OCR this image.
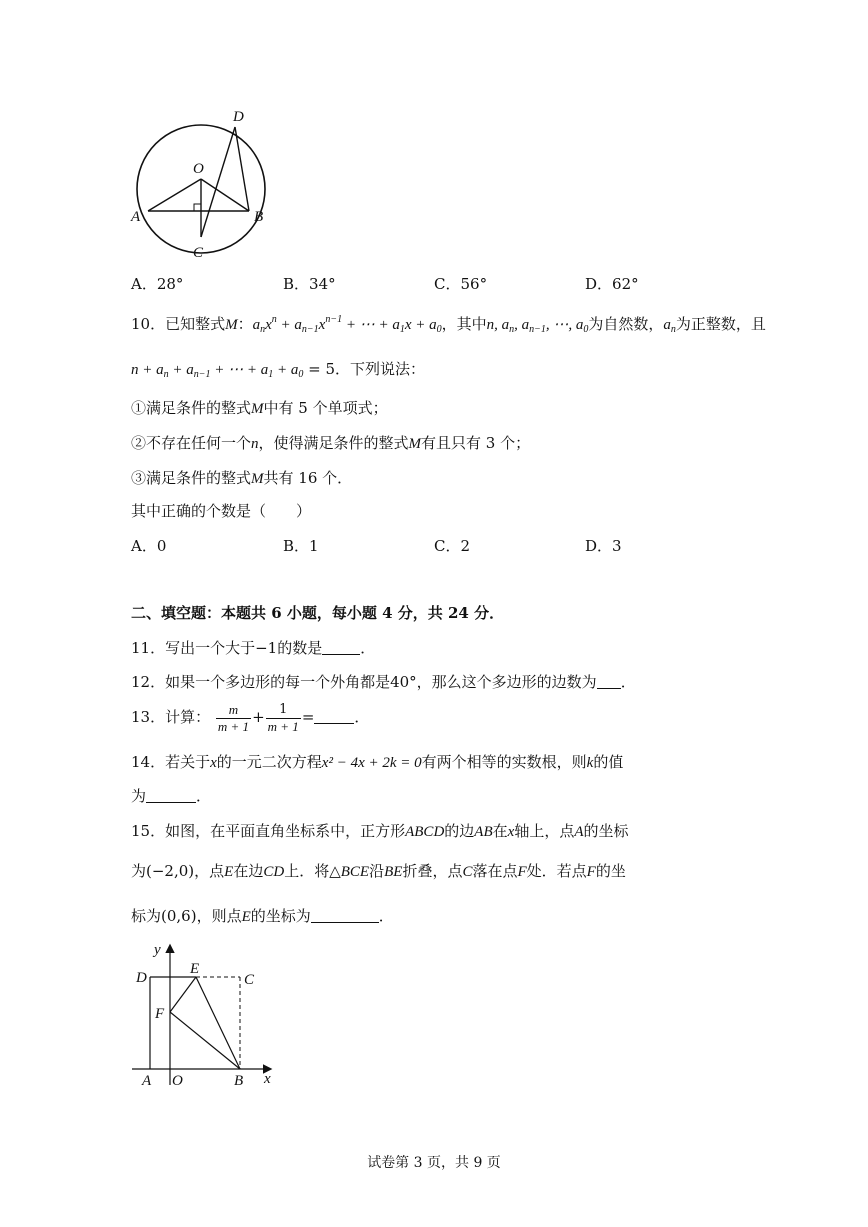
D
O
A	B
C
A．28°	B．34°	C．56°	D．62°
10．已知整式M：$a_nx^n + a_{n-1}x^{n-1}$ + ⋯ + $a_1x + a_0$，其中n, $a_n$, $a_{n-1}$, ⋯, $a_0$为自然数，$a_n$为正整数，且
$n + a_n + a_{n-1}$ + ⋯ + $a_1 + a_0 = 5$．下列说法：
①满足条件的整式M中有 5 个单项式；
②不存在任何一个n，使得满足条件的整式M有且只有 3 个；
③满足条件的整式M共有 16 个．
其中正确的个数是（　　）
A．0	B．1	C．2	D．3
二、填空题：本题共 6 小题，每小题 4 分，共 24 分．
11．写出一个大于−1的数是	．
12．如果一个多边形的每一个外角都是40°，那么这个多边形的边数为 ．
13．计算： $\frac{m}{m + 1} + \frac{1}{m + 1}$ =	．
14．若关于x的一元二次方程x² − 4x + 2k = 0有两个相等的实数根，则k的值
为	．
15．如图，在平面直角坐标系中，正方形ABCD的边AB在x轴上，点A的坐标
为(−2,0)，点E在边CD上．将△BCE沿BE折叠，点C落在点F处．若点F的坐
标为(0,6)，则点E的坐标为	．
y
x
D
E
C
F
A O	B
试卷第 3 页，共 9 页
